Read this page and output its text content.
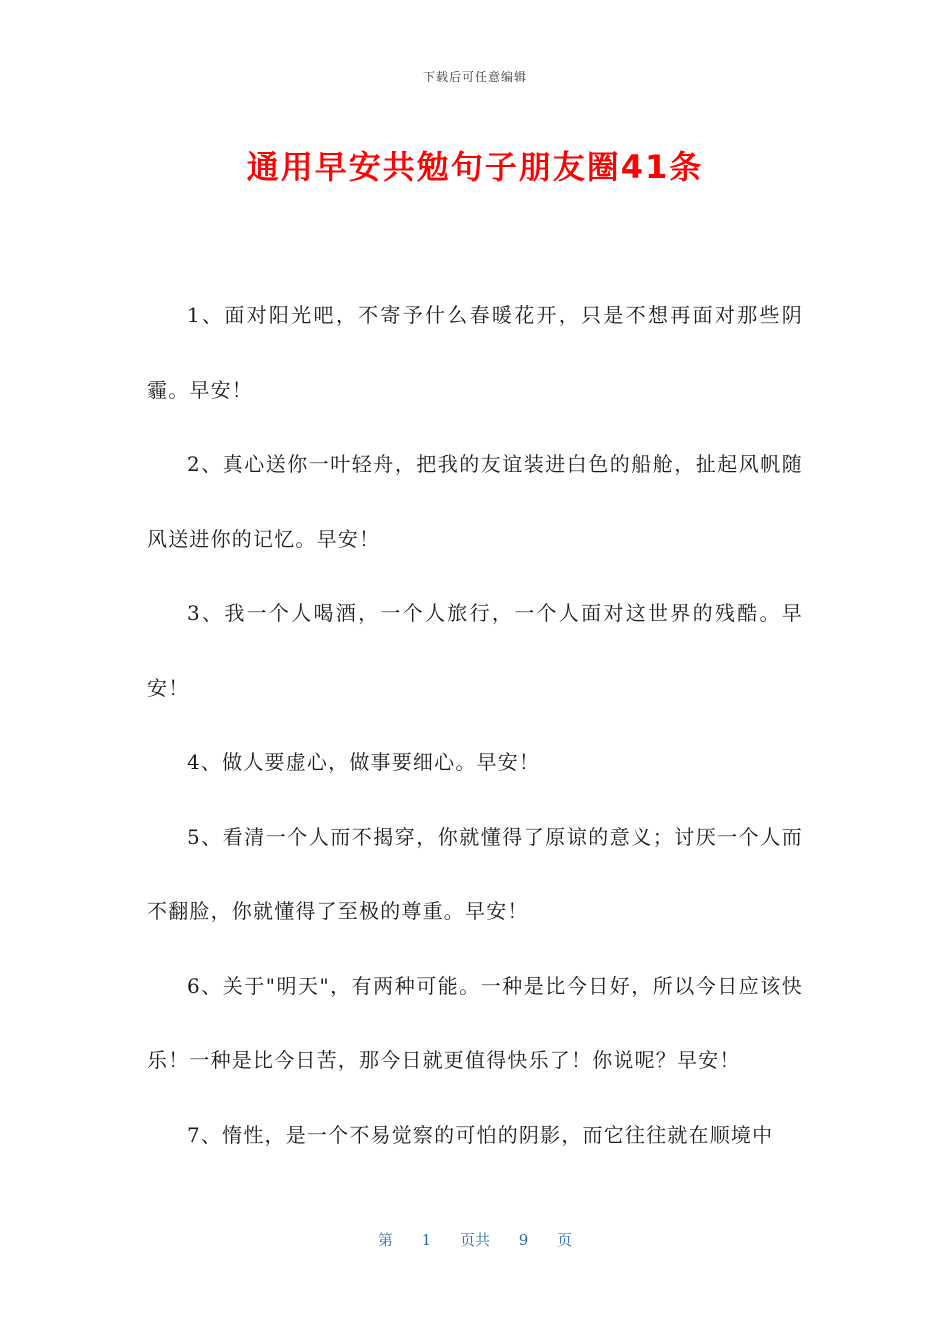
下载后可任意编辑
通用早安共勉句子朋友圈41条

1、面对阳光吧，不寄予什么春暖花开，只是不想再面对那些阴霾。早安！

2、真心送你一叶轻舟，把我的友谊装进白色的船舱，扯起风帆随风送进你的记忆。早安！

3、我一个人喝酒，一个人旅行，一个人面对这世界的残酷。早安！

4、做人要虚心，做事要细心。早安！

5、看清一个人而不揭穿，你就懂得了原谅的意义；讨厌一个人而不翻脸，你就懂得了至极的尊重。早安！

6、关于"明天"，有两种可能。一种是比今日好，所以今日应该快乐！一种是比今日苦，那今日就更值得快乐了！你说呢？早安！

7、惰性，是一个不易觉察的可怕的阴影，而它往往就在顺境中

第 1 页共 9 页
